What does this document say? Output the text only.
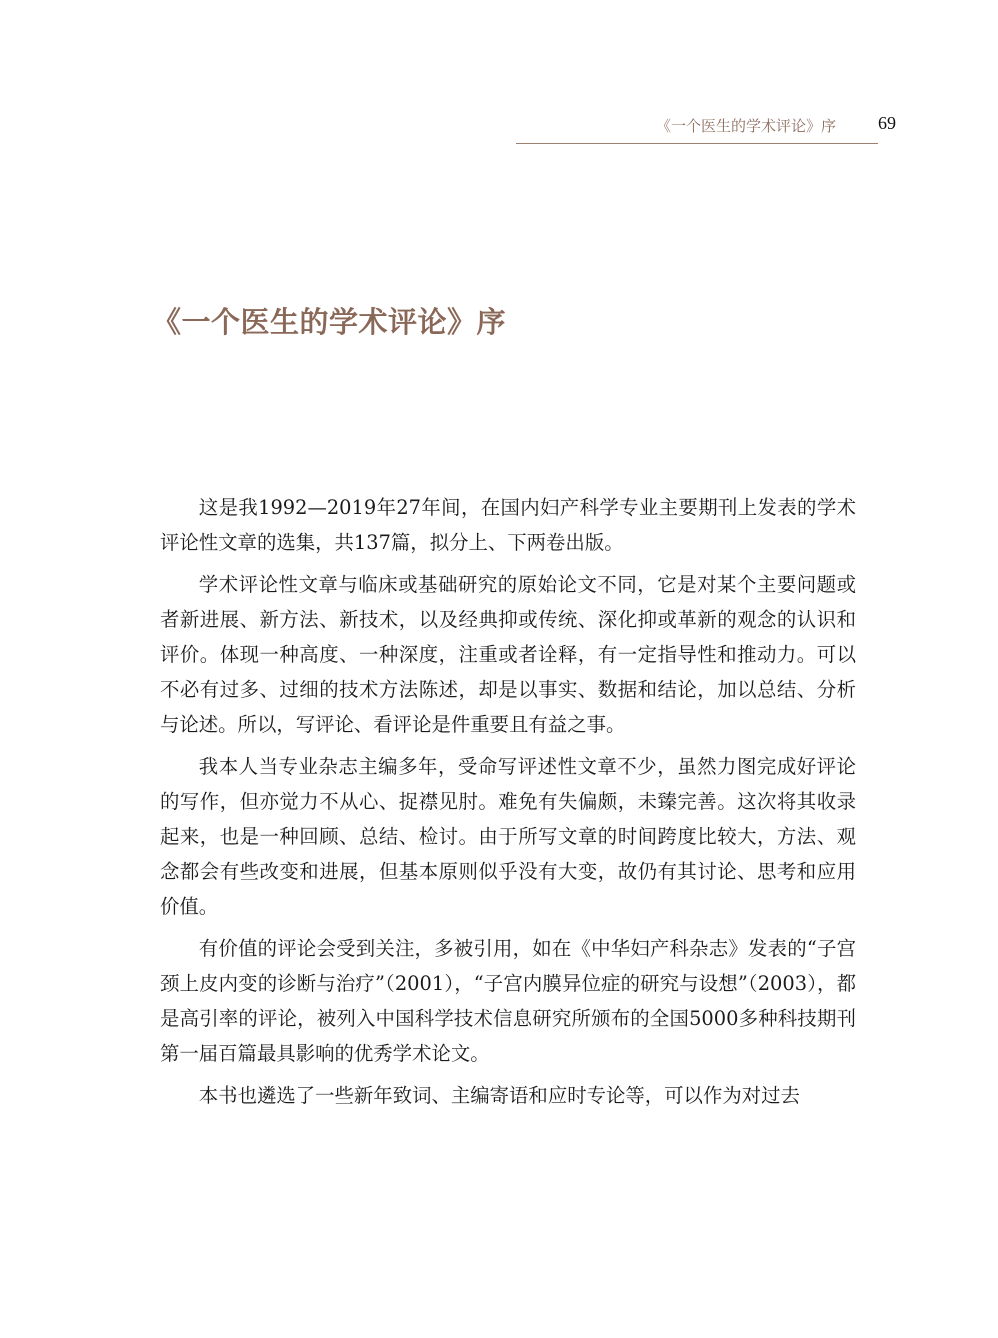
《一个医生的学术评论》序 69
《一个医生的学术评论》序

这是我1992—2019年27年间，在国内妇产科学专业主要期刊上发表的学术评论性文章的选集，共137篇，拟分上、下两卷出版。

学术评论性文章与临床或基础研究的原始论文不同，它是对某个主要问题或者新进展、新方法、新技术，以及经典抑或传统、深化抑或革新的观念的认识和评价。体现一种高度、一种深度，注重或者诠释，有一定指导性和推动力。可以不必有过多、过细的技术方法陈述，却是以事实、数据和结论，加以总结、分析与论述。所以，写评论、看评论是件重要且有益之事。

我本人当专业杂志主编多年，受命写评述性文章不少，虽然力图完成好评论的写作，但亦觉力不从心、捉襟见肘。难免有失偏颇，未臻完善。这次将其收录起来，也是一种回顾、总结、检讨。由于所写文章的时间跨度比较大，方法、观念都会有些改变和进展，但基本原则似乎没有大变，故仍有其讨论、思考和应用价值。

有价值的评论会受到关注，多被引用，如在《中华妇产科杂志》发表的“子宫颈上皮内变的诊断与治疗”（2001），“子宫内膜异位症的研究与设想”（2003），都是高引率的评论，被列入中国科学技术信息研究所颁布的全国5000多种科技期刊第一届百篇最具影响的优秀学术论文。

本书也遴选了一些新年致词、主编寄语和应时专论等，可以作为对过去
